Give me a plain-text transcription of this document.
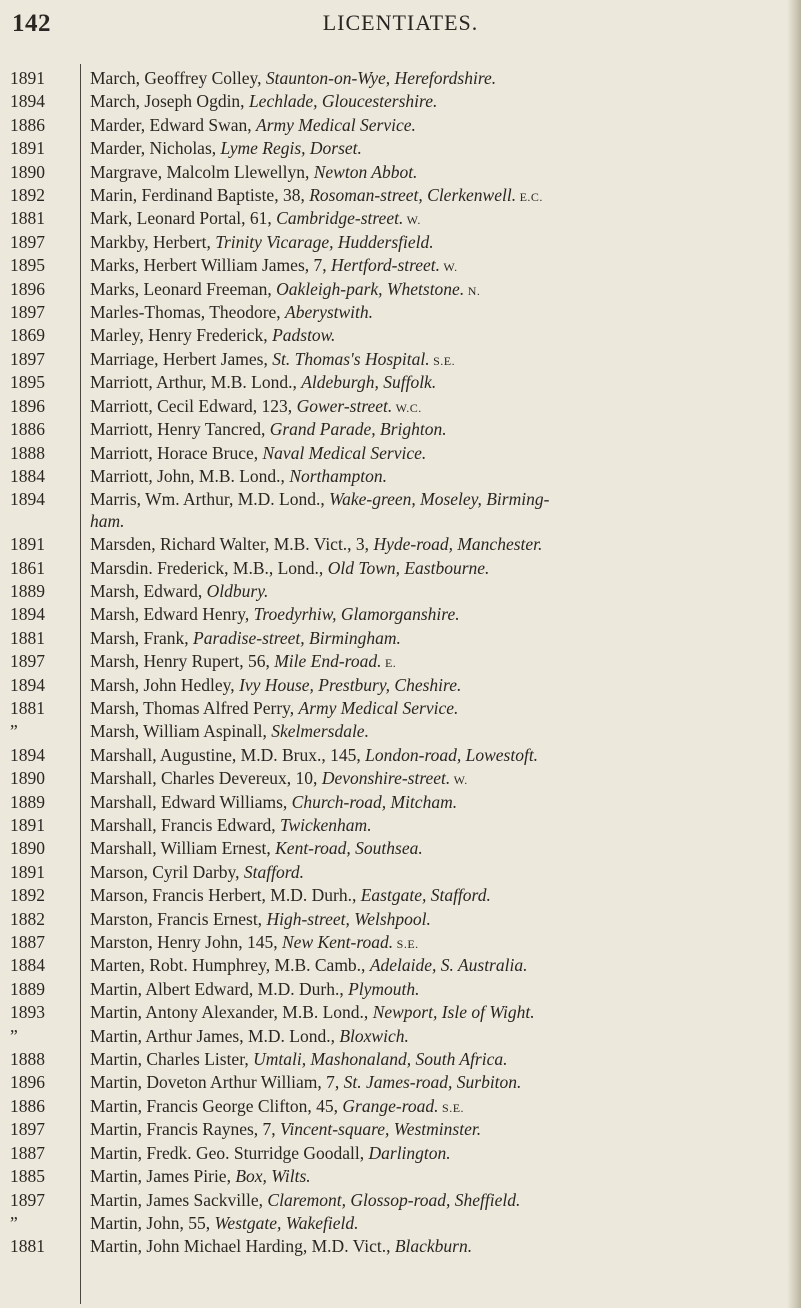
142	LICENTIATES.
1891	March, Geoffrey Colley, Staunton-on-Wye, Herefordshire.
1894	March, Joseph Ogdin, Lechlade, Gloucestershire.
1886	Marder, Edward Swan, Army Medical Service.
1891	Marder, Nicholas, Lyme Regis, Dorset.
1890	Margrave, Malcolm Llewellyn, Newton Abbot.
1892	Marin, Ferdinand Baptiste, 38, Rosoman-street, Clerkenwell. E.C.
1881	Mark, Leonard Portal, 61, Cambridge-street. W.
1897	Markby, Herbert, Trinity Vicarage, Huddersfield.
1895	Marks, Herbert William James, 7, Hertford-street. W.
1896	Marks, Leonard Freeman, Oakleigh-park, Whetstone. N.
1897	Marles-Thomas, Theodore, Aberystwith.
1869	Marley, Henry Frederick, Padstow.
1897	Marriage, Herbert James, St. Thomas's Hospital. S.E.
1895	Marriott, Arthur, M.B. Lond., Aldeburgh, Suffolk.
1896	Marriott, Cecil Edward, 123, Gower-street. W.C.
1886	Marriott, Henry Tancred, Grand Parade, Brighton.
1888	Marriott, Horace Bruce, Naval Medical Service.
1884	Marriott, John, M.B. Lond., Northampton.
1894	Marris, Wm. Arthur, M.D. Lond., Wake-green, Moseley, Birming-
ham.
1891	Marsden, Richard Walter, M.B. Vict., 3, Hyde-road, Manchester.
1861	Marsdin. Frederick, M.B., Lond., Old Town, Eastbourne.
1889	Marsh, Edward, Oldbury.
1894	Marsh, Edward Henry, Troedyrhiw, Glamorganshire.
1881	Marsh, Frank, Paradise-street, Birmingham.
1897	Marsh, Henry Rupert, 56, Mile End-road. E.
1894	Marsh, John Hedley, Ivy House, Prestbury, Cheshire.
1881	Marsh, Thomas Alfred Perry, Army Medical Service.
”	Marsh, William Aspinall, Skelmersdale.
1894	Marshall, Augustine, M.D. Brux., 145, London-road, Lowestoft.
1890	Marshall, Charles Devereux, 10, Devonshire-street. W.
1889	Marshall, Edward Williams, Church-road, Mitcham.
1891	Marshall, Francis Edward, Twickenham.
1890	Marshall, William Ernest, Kent-road, Southsea.
1891	Marson, Cyril Darby, Stafford.
1892	Marson, Francis Herbert, M.D. Durh., Eastgate, Stafford.
1882	Marston, Francis Ernest, High-street, Welshpool.
1887	Marston, Henry John, 145, New Kent-road. S.E.
1884	Marten, Robt. Humphrey, M.B. Camb., Adelaide, S. Australia.
1889	Martin, Albert Edward, M.D. Durh., Plymouth.
1893	Martin, Antony Alexander, M.B. Lond., Newport, Isle of Wight.
”	Martin, Arthur James, M.D. Lond., Bloxwich.
1888	Martin, Charles Lister, Umtali, Mashonaland, South Africa.
1896	Martin, Doveton Arthur William, 7, St. James-road, Surbiton.
1886	Martin, Francis George Clifton, 45, Grange-road. S.E.
1897	Martin, Francis Raynes, 7, Vincent-square, Westminster.
1887	Martin, Fredk. Geo. Sturridge Goodall, Darlington.
1885	Martin, James Pirie, Box, Wilts.
1897	Martin, James Sackville, Claremont, Glossop-road, Sheffield.
”	Martin, John, 55, Westgate, Wakefield.
1881	Martin, John Michael Harding, M.D. Vict., Blackburn.
